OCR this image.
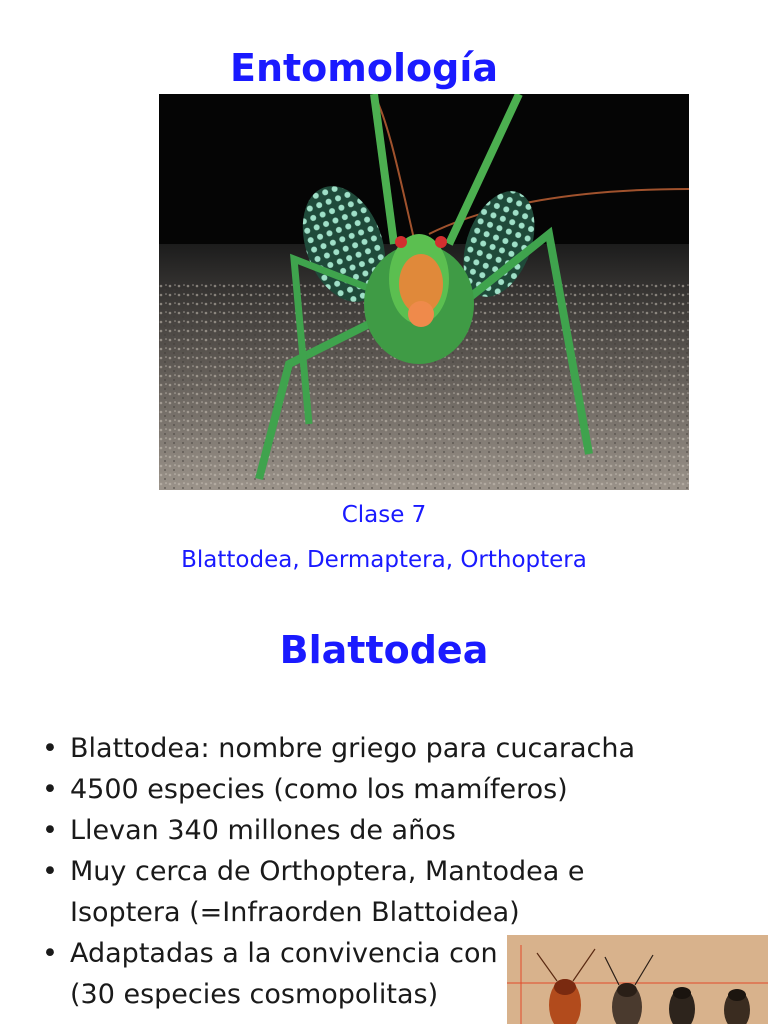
Entomología

Clase 7

Blattodea, Dermaptera, Orthoptera

Blattodea
• Blattodea: nombre griego para cucaracha
• 4500 especies (como los mamíferos)
• Llevan 340 millones de años
• Muy cerca de Orthoptera, Mantodea e
Isoptera (=Infraorden Blattoidea)
• Adaptadas a la convivencia con
(30 especies cosmopolitas)
